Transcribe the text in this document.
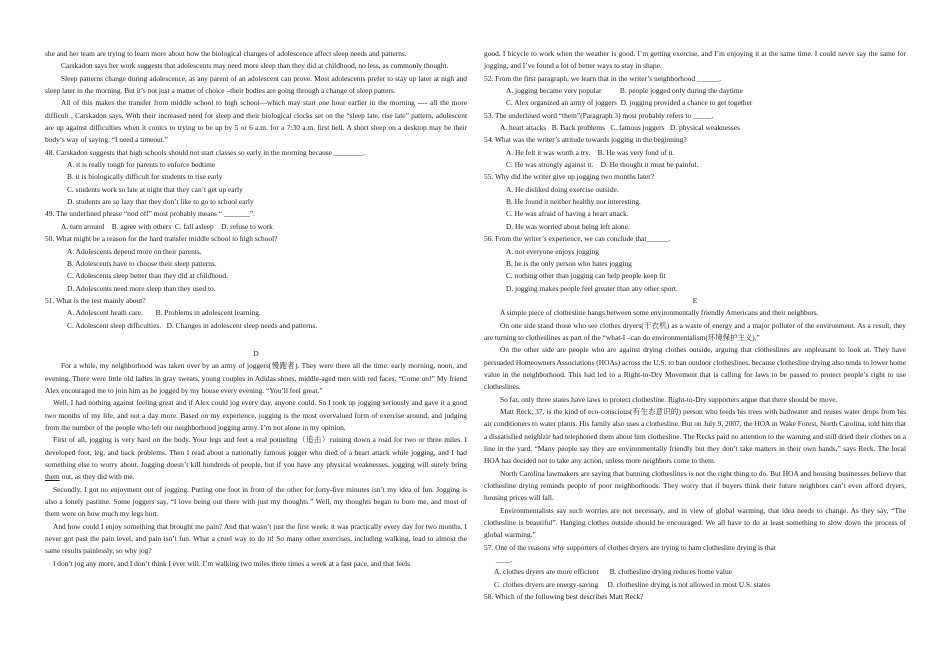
she and her team are trying to learn more about how the biological changes of adolescence affect sleep needs and patterns.

Carskadon says her work suggests that adolescents may need more sleep than they did at childhood, no less, as commonly thought.

Sleep patterns change during adolescence, as any parent of an adolescent can prove. Most adolescents prefer to stay up later at nigh and sleep later in the morning. But it’s not just a matter of choice –their bodies are going through a change of sleep patters.

All of this makes the transfer from middle school to high school—which may start one hour earlier in the morning ---- all the more difficult , Carskadon says. With their increased need for sleep and their biological clocks set on the “sleep late, rise late” pattern, adolescent are up against difficulties when it conics to trying to be up by 5 or 6 a.m. for a 7:30 a.m. first hell. A short sleep on a desktop may be their body’s way of saying. “I need a timeout.”

48. Carskadon suggests that high schools should not start classes so early in the morning because ________.

A. it is really tough for parents to enforce bedtime

B. it is biologically difficult for students to rise early

C. students work so late at night that they can’t get up early

D. students are so lazy that they don’t like to go to school early

49. The underlined phrase “nod off” most probably means “ _______”.

A. turn around    B. agree with others  C. fall asleep    D. refuse to work

50. What might be a reason for the hard transfer middle school to high school?

A. Adolescents depend more on their parents.

B. Adolescents have to choose their sleep patterns.

C. Adolescents sleep better than they did at childhood.

D. Adolescents need more sleep than they used to.

51. What is the test mainly about?

A. Adolescent heath care.       B. Problems in adolescent learning.

C. Adolescent sleep difficulties.   D. Changes in adolescent sleep needs and patterns.

D

For a while, my neighborhood was taken over by an army of joggers(慢跑者). They were there all the time: early morning, noon, and evening. There were little old ladies in gray sweats, young couples in Adidas shoes, middle-aged men with red faces. “Come on!” My friend Alex encouraged me to join him as he jogged by my house every evening. “You’ll feel great.”

Well, I had nothing against feeling great and if Alex could jog every day, anyone could. So I took up jogging seriously and gave it a good two months of my life, and not a day more. Based on my experience, jogging is the most overvalued form of exercise around, and judging from the number of the people who left our neighborhood jogging army. I’m not alone in my opinion.

First of all, jogging is very hard on the body. Your legs and feet a real pounding（追击）ruining down a road for two or three miles. I developed foot, leg, and back problems. Then I read about a nationally famous jogger who died of a heart attack while jogging, and I had something else to worry about. Jogging doesn’t kill hundreds of people, but if you have any physical weaknesses, jogging will surely bring them out, as they did with me.

Secondly, I got no enjoyment out of jogging. Putting one foot in front of the other for forty-five minutes isn’t my idea of fun. Jogging is also a lonely pastime. Some joggers say, “I love being out there with just my thoughts.” Well, my thoughts began to bore me, and most of them were on how much my legs hurt.

And how could I enjoy something that brought me pain? And that wasn’t just the first week: it was practically every day for two months. I never got past the pain level, and pain isn’t fun. What a cruel way to do it! So many other exercises, including walking, lead to almost the same results painlessly, so why jog?

I don’t jog any more, and I don’t think I ever will. I’m walking two miles three times a week at a fast pace, and that feels

good. I bicycle to work when the weather is good. I’m getting exercise, and I’m enjoying it at the same time. I could never say the same for jogging, and I’ve found a lot of better ways to stay in shape.

52. From the first paragraph, we learn that in the writer’s neighborhood ______.

A. jogging became very popular          B. people jogged only during the daytime

C. Alex organized an army of joggers  D. jogging provided a chance to get together

53. The underlined word “them”(Paragraph 3) most probably refers to _____.

A. heart attacks   B. Back problems   C. famous joggers   D. physical weaknesses

54. What was the writer’s attitude towards jogging in the beginning?

A. He felt it was worth a try.    B. He was very fond of it.

C. He was strongly against it.    D. He thought it must be painful.

55. Why did the writer give up jogging two months later?

A. He disliked doing exercise outside.

B. He found it neither healthy nor interesting.

C. He was afraid of having a heart attack.

D. He was worried about being left alone.

56. From the writer’s experience, we can conclude that______.

A. not everyone enjoys jogging

B. he is the only person who hates jogging

C. nothing other than jogging can help people keep fit

D. jogging makes people feel greater than any other sport.

E

A simple piece of clothesline hangs between some environmentally friendly Americans and their neighbors.

On one side stand those who see clothes dryers(干衣机) as a waste of energy and a major polluter of the environment. As a result, they are turning to clotheslines as part of the “what-I –can do environmentalism(环境保护主义).”

On the other side are people who are against drying clothes outside, arguing that clotheslines are unpleasant to look at. They have persuaded Homeowners Associations (HOAs) across the U.S. to ban outdoor clotheslines, because clothesline drying also tends to lower home value in the neighborhood. This had led to a Right-to-Dry Movement that is calling for laws to be passed to protect people’s right to use clotheslines.

So far, only three states have laws to protect clothesline. Right-to-Dry supporters argue that there should be move.

Matt Reck, 37, is the kind of eco-conscious(有生态意识的) person who feeds his trees with bathwater and reuses water drops from his air conditioners to water plants. His family also uses a clothesline. But on July 9, 2007, the HOA in Wake Forest, North Carolina, told him that a dissatisfied neighlzir had telephoned them about him clothesline. The Recks paid no attention to the warning and still dried their clothes on a line in the yard. “Many people say they are environmentally friendly but they don’t take matters in their own hands,” says Reck. The local HOA has decided not to take any action, unless more neighbors come to them.

North Carolina lawmakers are saying that banning clotheslines is not the right thing to do. But HOA and housing businesses believe that clothesline drying reminds people of poor neighborhoods. They worry that if buyers think their future neighbors can’t even afford dryers, housing prices will fall.

Environmentalists say such worries are not necessary, and in view of global warming, that idea needs to change. As they say, “The clothesline is beautiful”. Hanging clothes outside should be encouraged. We all have to do at least something to slow down the process of global warming.”

57. One of the reasons why supporters of clothes dryers are trying to ham clothesline drying is that

____.

A. clothes dryers are more efficient      B. clothesline drying reduces home value

C. clothes dryers are energy-saving     D. clothesline drying is not allowed in most U.S. states

58. Which of the following best describes Matt Reck?
